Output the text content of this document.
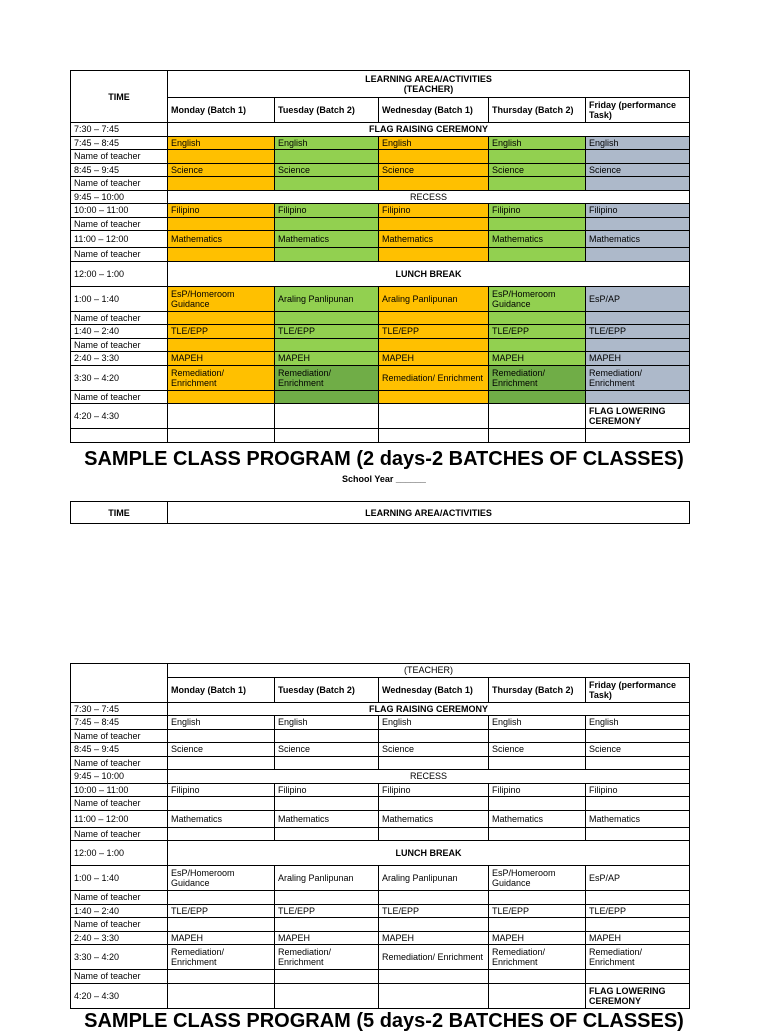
TIME	LEARNING AREA/ACTIVITIES
(TEACHER)				
	Monday (Batch 1)	Tuesday (Batch 2)	Wednesday (Batch 1)	Thursday (Batch 2)	Friday (performance Task)
7:30 – 7:45	FLAG RAISING CEREMONY				
7:45 – 8:45	English	English	English	English	English
Name of teacher					
8:45 – 9:45	Science	Science	Science	Science	Science
Name of teacher					
9:45 – 10:00	RECESS				
10:00 – 11:00	Filipino	Filipino	Filipino	Filipino	Filipino
Name of teacher					
11:00 – 12:00	Mathematics	Mathematics	Mathematics	Mathematics	Mathematics
Name of teacher					
12:00 – 1:00	LUNCH BREAK				
1:00 – 1:40	EsP/Homeroom Guidance	Araling Panlipunan	Araling Panlipunan	EsP/Homeroom Guidance	EsP/AP
Name of teacher					
1:40 – 2:40	TLE/EPP	TLE/EPP	TLE/EPP	TLE/EPP	TLE/EPP
Name of teacher					
2:40 – 3:30	MAPEH	MAPEH	MAPEH	MAPEH	MAPEH
3:30 – 4:20	Remediation/ Enrichment	Remediation/ Enrichment	Remediation/ Enrichment	Remediation/ Enrichment	Remediation/ Enrichment
Name of teacher					
4:20 – 4:30					FLAG LOWERING CEREMONY

SAMPLE CLASS PROGRAM (2 days-2 BATCHES OF CLASSES)
School Year ______
TIME	LEARNING AREA/ACTIVITIES
	(TEACHER)				
	Monday (Batch 1)	Tuesday (Batch 2)	Wednesday (Batch 1)	Thursday (Batch 2)	Friday (performance Task)
7:30 – 7:45	FLAG RAISING CEREMONY				
7:45 – 8:45	English	English	English	English	English
Name of teacher					
8:45 – 9:45	Science	Science	Science	Science	Science
Name of teacher					
9:45 – 10:00	RECESS				
10:00 – 11:00	Filipino	Filipino	Filipino	Filipino	Filipino
Name of teacher					
11:00 – 12:00	Mathematics	Mathematics	Mathematics	Mathematics	Mathematics
Name of teacher					
12:00 – 1:00	LUNCH BREAK				
1:00 – 1:40	EsP/Homeroom Guidance	Araling Panlipunan	Araling Panlipunan	EsP/Homeroom Guidance	EsP/AP
Name of teacher					
1:40 – 2:40	TLE/EPP	TLE/EPP	TLE/EPP	TLE/EPP	TLE/EPP
Name of teacher					
2:40 – 3:30	MAPEH	MAPEH	MAPEH	MAPEH	MAPEH
3:30 – 4:20	Remediation/ Enrichment	Remediation/ Enrichment	Remediation/ Enrichment	Remediation/ Enrichment	Remediation/ Enrichment
Name of teacher					
4:20 – 4:30					FLAG LOWERING CEREMONY
SAMPLE CLASS PROGRAM (5 days-2 BATCHES OF CLASSES)
